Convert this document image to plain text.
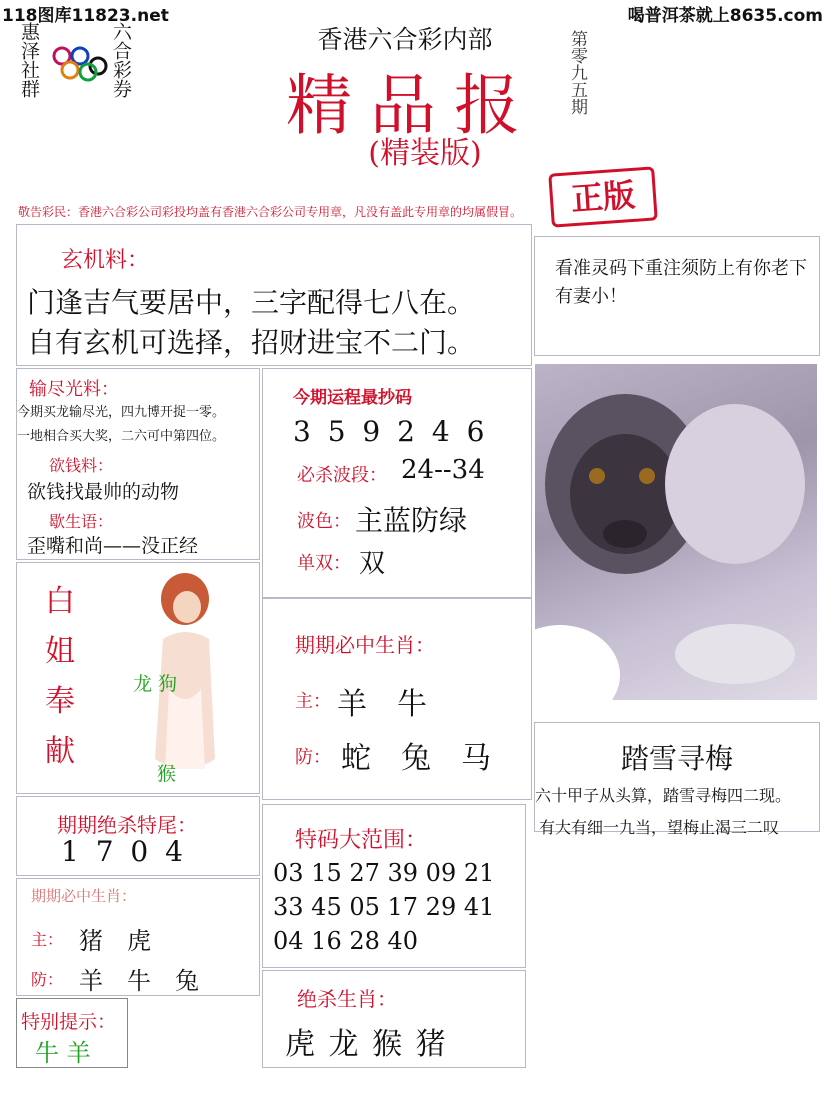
118图库11823.net	喝普洱茶就上8635.com
惠泽社群	六合彩券	香港六合彩内部
精品报
(精装版)
第零九五期
正版
敬告彩民：香港六合彩公司彩投均盖有香港六合彩公司专用章，凡没有盖此专用章的均属假冒。
玄机料：
门逢吉气要居中，三字配得七八在。
自有玄机可选择，招财进宝不二门。
看准灵码下重注须防上有你老下有妻小！
输尽光料：
今期买龙输尽光，四九博开捉一零。
一地相合买大奖，二六可中第四位。
欲钱料：
欲钱找最帅的动物
歇生语：
歪嘴和尚——没正经
今期运程最抄码
3 5 9 2 4 6
必杀波段： 24--34
波色： 主蓝防绿
单双： 双
白
姐
奉
献
龙 狗
猴
期期必中生肖：
主： 羊　牛
防： 蛇　兔　马	踏雪寻梅
六十甲子从头算，踏雪寻梅四二现。
有大有细一九当，望梅止渴三二叹
期期绝杀特尾：
1 7 0 4	特码大范围：
03 15 27 39 09 21
33 45 05 17 29 41
04 16 28 40
期期必中生肖：
主： 猪　虎
防： 羊　牛　兔
特别提示：
牛 羊
绝杀生肖：
虎 龙 猴 猪
